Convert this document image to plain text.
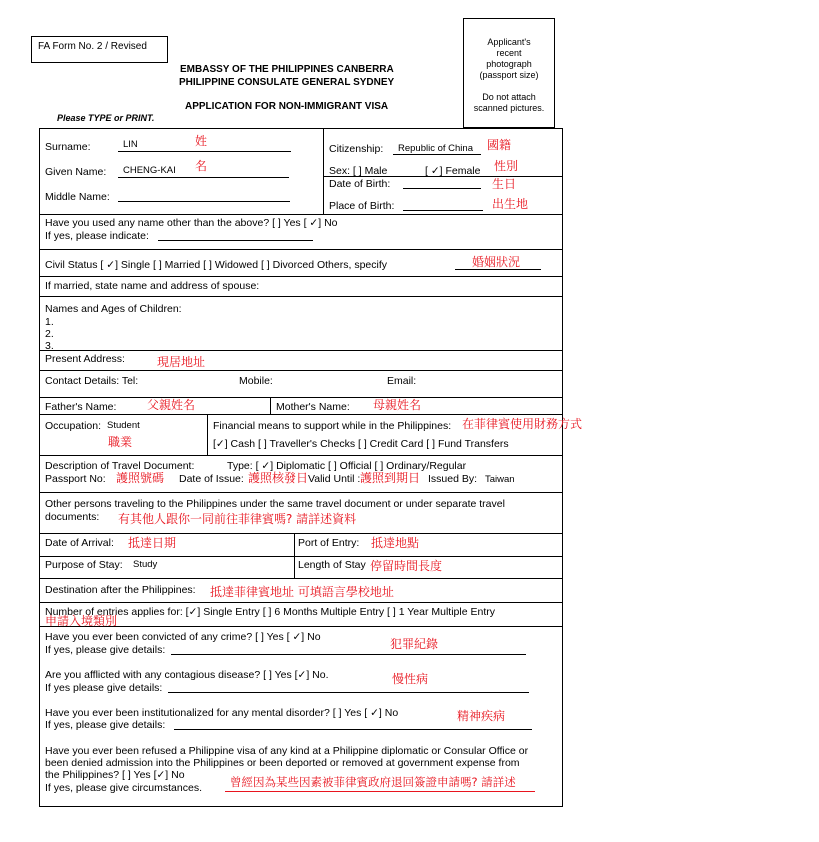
FA Form No. 2 / Revised
EMBASSY OF THE PHILIPPINES CANBERRA
PHILIPPINE CONSULATE GENERAL SYDNEY
APPLICATION FOR NON-IMMIGRANT VISA
Please TYPE or PRINT.
Applicant's
recent
photograph
(passport size)
Do not attach
scanned pictures.
Surname:	LIN	姓
Given Name: CHENG-KAI 名
Middle Name:
Citizenship: Republic of China 國籍
Sex: [ ] Male	[ ✓] Female 性別
Date of Birth:	生日
Place of Birth:	出生地
Have you used any name other than the above? [ ] Yes [ ✓] No
If yes, please indicate:
Civil Status [ ✓] Single [ ] Married [ ] Widowed [ ] Divorced Others, specify	婚姻狀況
If married, state name and address of spouse:
Names and Ages of Children:
1.
2.
3.
Present Address:	現居地址
Contact Details: Tel:	Mobile:	Email:
Father's Name:	父親姓名	Mother's Name: 母親姓名
Occupation: Student
職業
Financial means to support while in the Philippines: 在菲律賓使用財務方式
[✓] Cash [ ] Traveller's Checks [ ] Credit Card [ ] Fund Transfers
Description of Travel Document:	Type: [ ✓] Diplomatic [ ] Official [ ] Ordinary/Regular
Passport No: 護照號碼 Date of Issue: 護照核發日 Valid Until : 護照到期日 Issued By: Taiwan
Other persons traveling to the Philippines under the same travel document or under separate travel
documents: 有其他人跟你一同前往菲律賓嗎? 請詳述資料
Date of Arrival: 抵達日期	Port of Entry: 抵達地點
Purpose of Stay: Study	Length of Stay 停留時間長度
Destination after the Philippines: 抵達菲律賓地址 可填語言學校地址
Number of entries applies for: [✓] Single Entry [ ] 6 Months Multiple Entry [ ] 1 Year Multiple Entry
申請入境類別
Have you ever been convicted of any crime? [ ] Yes [ ✓] No
If yes, please give details:	犯罪紀錄
Are you afflicted with any contagious disease? [ ] Yes [✓] No.
If yes please give details:
慢性病
Have you ever been institutionalized for any mental disorder? [ ] Yes [ ✓] No
If yes, please give details:
精神疾病
Have you ever been refused a Philippine visa of any kind at a Philippine diplomatic or Consular Office or
been denied admission into the Philippines or been deported or removed at government expense from
the Philippines? [ ] Yes [✓] No
If yes, please give circumstances. 曾經因為某些因素被菲律賓政府退回簽證申請嗎? 請詳述
